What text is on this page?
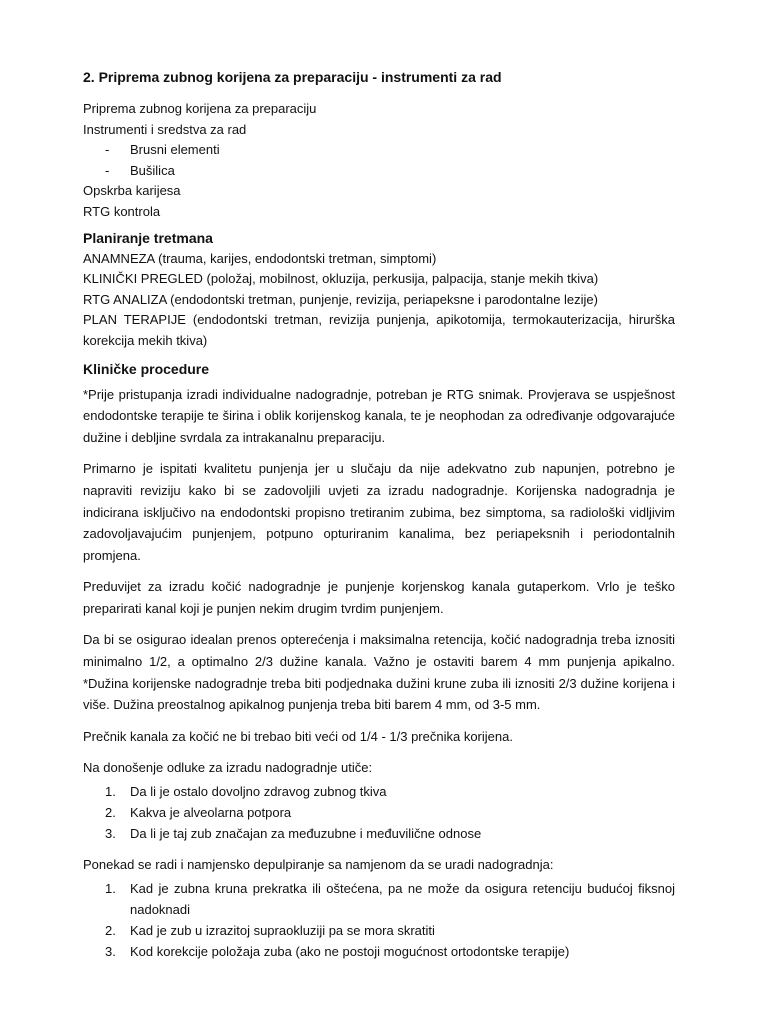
2. Priprema zubnog korijena za preparaciju - instrumenti za rad
Priprema zubnog korijena za preparaciju
Instrumenti i sredstva za rad
- Brusni elementi
- Bušilica
Opskrba karijesa
RTG kontrola
Planiranje tretmana
ANAMNEZA (trauma, karijes, endodontski tretman, simptomi)
KLINIČKI PREGLED (položaj, mobilnost, okluzija, perkusija, palpacija, stanje mekih tkiva)
RTG ANALIZA (endodontski tretman, punjenje, revizija, periapeksne i parodontalne lezije)
PLAN TERAPIJE (endodontski tretman, revizija punjenja, apikotomija, termokauterizacija, hirurška korekcija mekih tkiva)
Kliničke procedure

*Prije pristupanja izradi individualne nadogradnje, potreban je RTG snimak. Provjerava se uspješnost endodontske terapije te širina i oblik korijenskog kanala, te je neophodan za određivanje odgovarajuće dužine i debljine svrdala za intrakanalnu preparaciju.

Primarno je ispitati kvalitetu punjenja jer u slučaju da nije adekvatno zub napunjen, potrebno je napraviti reviziju kako bi se zadovoljili uvjeti za izradu nadogradnje. Korijenska nadogradnja je indicirana isključivo na endodontski propisno tretiranim zubima, bez simptoma, sa radiološki vidljivim zadovoljavajućim punjenjem, potpuno opturiranim kanalima, bez periapeksnih i periodontalnih promjena.

Preduvijet za izradu kočić nadogradnje je punjenje korjenskog kanala gutaperkom. Vrlo je teško preparirati kanal koji je punjen nekim drugim tvrdim punjenjem.

Da bi se osigurao idealan prenos opterećenja i maksimalna retencija, kočić nadogradnja treba iznositi minimalno 1/2, a optimalno 2/3 dužine kanala. Važno je ostaviti barem 4 mm punjenja apikalno. *Dužina korijenske nadogradnje treba biti podjednaka dužini krune zuba ili iznositi 2/3 dužine korijena i više. Dužina preostalnog apikalnog punjenja treba biti barem 4 mm, od 3-5 mm.

Prečnik kanala za kočić ne bi trebao biti veći od 1/4 - 1/3 prečnika korijena.

Na donošenje odluke za izradu nadogradnje utiče:

1. Da li je ostalo dovoljno zdravog zubnog tkiva
2. Kakva je alveolarna potpora
3. Da li je taj zub značajan za međuzubne i međuvilične odnose

Ponekad se radi i namjensko depulpiranje sa namjenom da se uradi nadogradnja:

1. Kad je zubna kruna prekratka ili oštećena, pa ne može da osigura retenciju budućoj fiksnoj nadoknadi
2. Kad je zub u izrazitoj supraokluziji pa se mora skratiti
3. Kod korekcije položaja zuba (ako ne postoji mogućnost ortodontske terapije)
